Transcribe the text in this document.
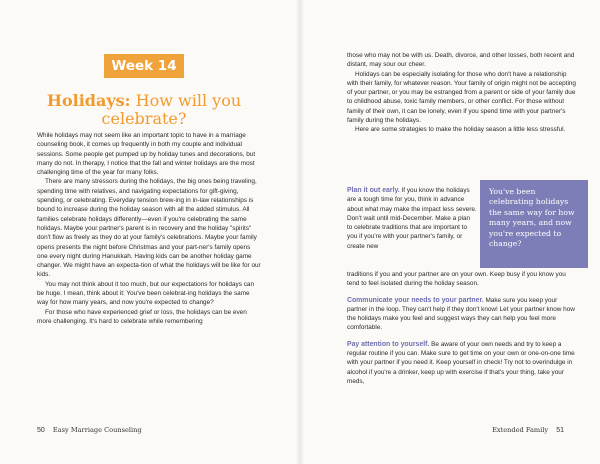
Week 14
Holidays: How will you celebrate?

While holidays may not seem like an important topic to have in a marriage counseling book, it comes up frequently in both my couple and individual sessions. Some people get pumped up by holiday tunes and decorations, but many do not. In therapy, I notice that the fall and winter holidays are the most challenging time of the year for many folks.

There are many stressors during the holidays, the big ones being traveling, spending time with relatives, and navigating expectations for gift-giving, spending, or celebrating. Everyday tension brew-ing in in-law relationships is bound to increase during the holiday season with all the added stimulus. All families celebrate holidays differently—even if you're celebrating the same holidays. Maybe your partner's parent is in recovery and the holiday "spirits" don't flow as freely as they do at your family's celebrations. Maybe your family opens presents the night before Christmas and your part-ner's family opens one every night during Hanukkah. Having kids can be another holiday game changer. We might have an expecta-tion of what the holidays will be like for our kids.

You may not think about it too much, but our expectations for holidays can be huge. I mean, think about it: You've been celebrat-ing holidays the same way for how many years, and now you're expected to change?

For those who have experienced grief or loss, the holidays can be even more challenging. It's hard to celebrate while remembering

50 Easy Marriage Counseling

those who may not be with us. Death, divorce, and other losses, both recent and distant, may sour our cheer.

Holidays can be especially isolating for those who don't have a relationship with their family, for whatever reason. Your family of origin might not be accepting of your partner, or you may be estranged from a parent or side of your family due to childhood abuse, toxic family members, or other conflict. For those without family of their own, it can be lonely, even if you spend time with your partner's family during the holidays.

Here are some strategies to make the holiday season a little less stressful.

Plan it out early. If you know the holidays are a tough time for you, think in advance about what may make the impact less severe. Don't wait until mid-December. Make a plan to celebrate traditions that are important to you if you're with your partner's family, or create new

You've been celebrating holidays the same way for how many years, and now you're expected to change?

traditions if you and your partner are on your own. Keep busy if you know you tend to feel isolated during the holiday season.

Communicate your needs to your partner. Make sure you keep your partner in the loop. They can't help if they don't know! Let your partner know how the holidays make you feel and suggest ways they can help you feel more comfortable.

Pay attention to yourself. Be aware of your own needs and try to keep a regular routine if you can. Make sure to get time on your own or one-on-one time with your partner if you need it. Keep yourself in check! Try not to overindulge in alcohol if you're a drinker, keep up with exercise if that's your thing, take your meds,

Extended Family 51
